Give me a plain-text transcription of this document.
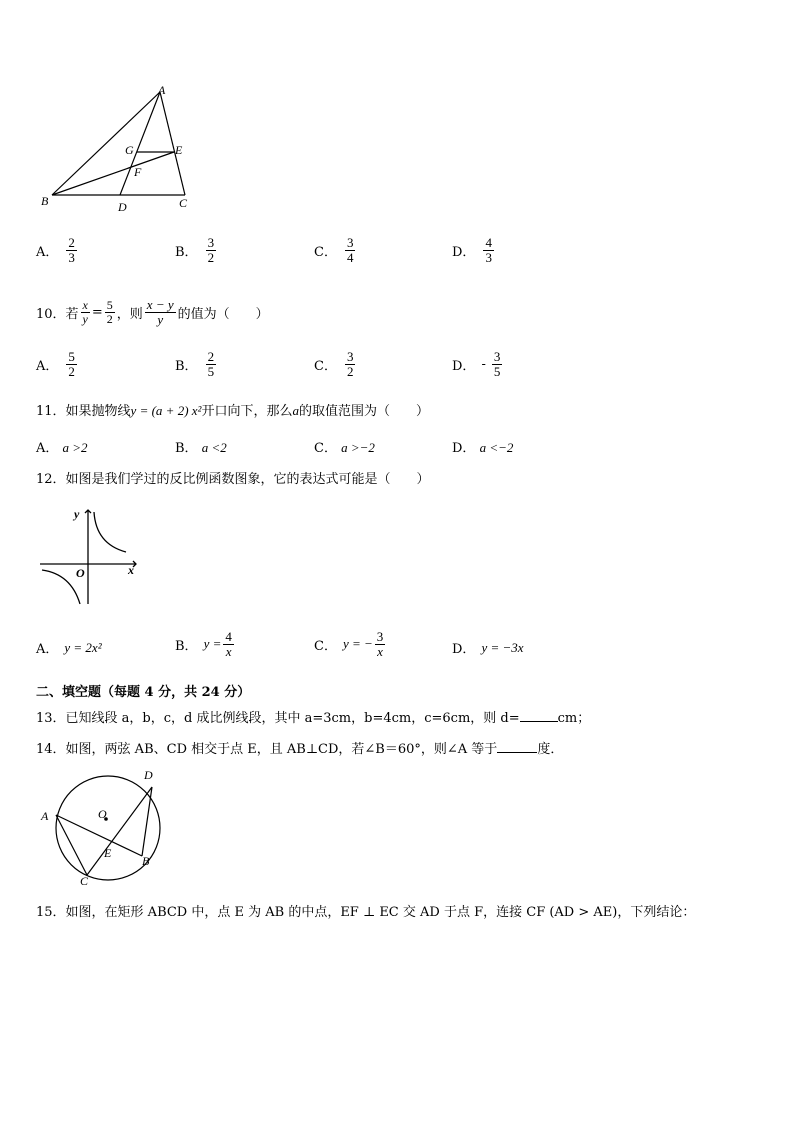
A
B	C
D
E
F
G
A． $\frac{2}{3}$	B． $\frac{3}{2}$	C． $\frac{3}{4}$	D． $\frac{4}{3}$
10．若 $\frac{x}{y} = \frac{5}{2}$ ，则 $\frac{x - y}{y}$ 的值为（　　）
A． $\frac{5}{2}$	B． $\frac{2}{5}$	C． $\frac{3}{2}$	D． - $\frac{3}{5}$
11．如果抛物线y = (a + 2) x²开口向下，那么a的取值范围为（　　）
A． a >2	B． a <2	C． a >−2	D． a <−2
12．如图是我们学过的反比例函数图象，它的表达式可能是（　　）
y
x
O
A． y = 2x²	B． $y = \frac{4}{x}$	C． y = − $\frac{3}{x}$	D． y = −3x
二、填空题（每题 4 分，共 24 分）
13．已知线段 a，b，c，d 成比例线段，其中 a=3cm，b=4cm，c=6cm，则 d=	cm；
14．如图，两弦 AB、CD 相交于点 E，且 AB⊥CD，若∠B＝60°，则∠A 等于	度．
A
B
C
D
E
O
15．如图，在矩形 ABCD 中，点 E 为 AB 的中点，EF ⊥ EC 交 AD 于点 F，连接 CF (AD > AE)，下列结论：
